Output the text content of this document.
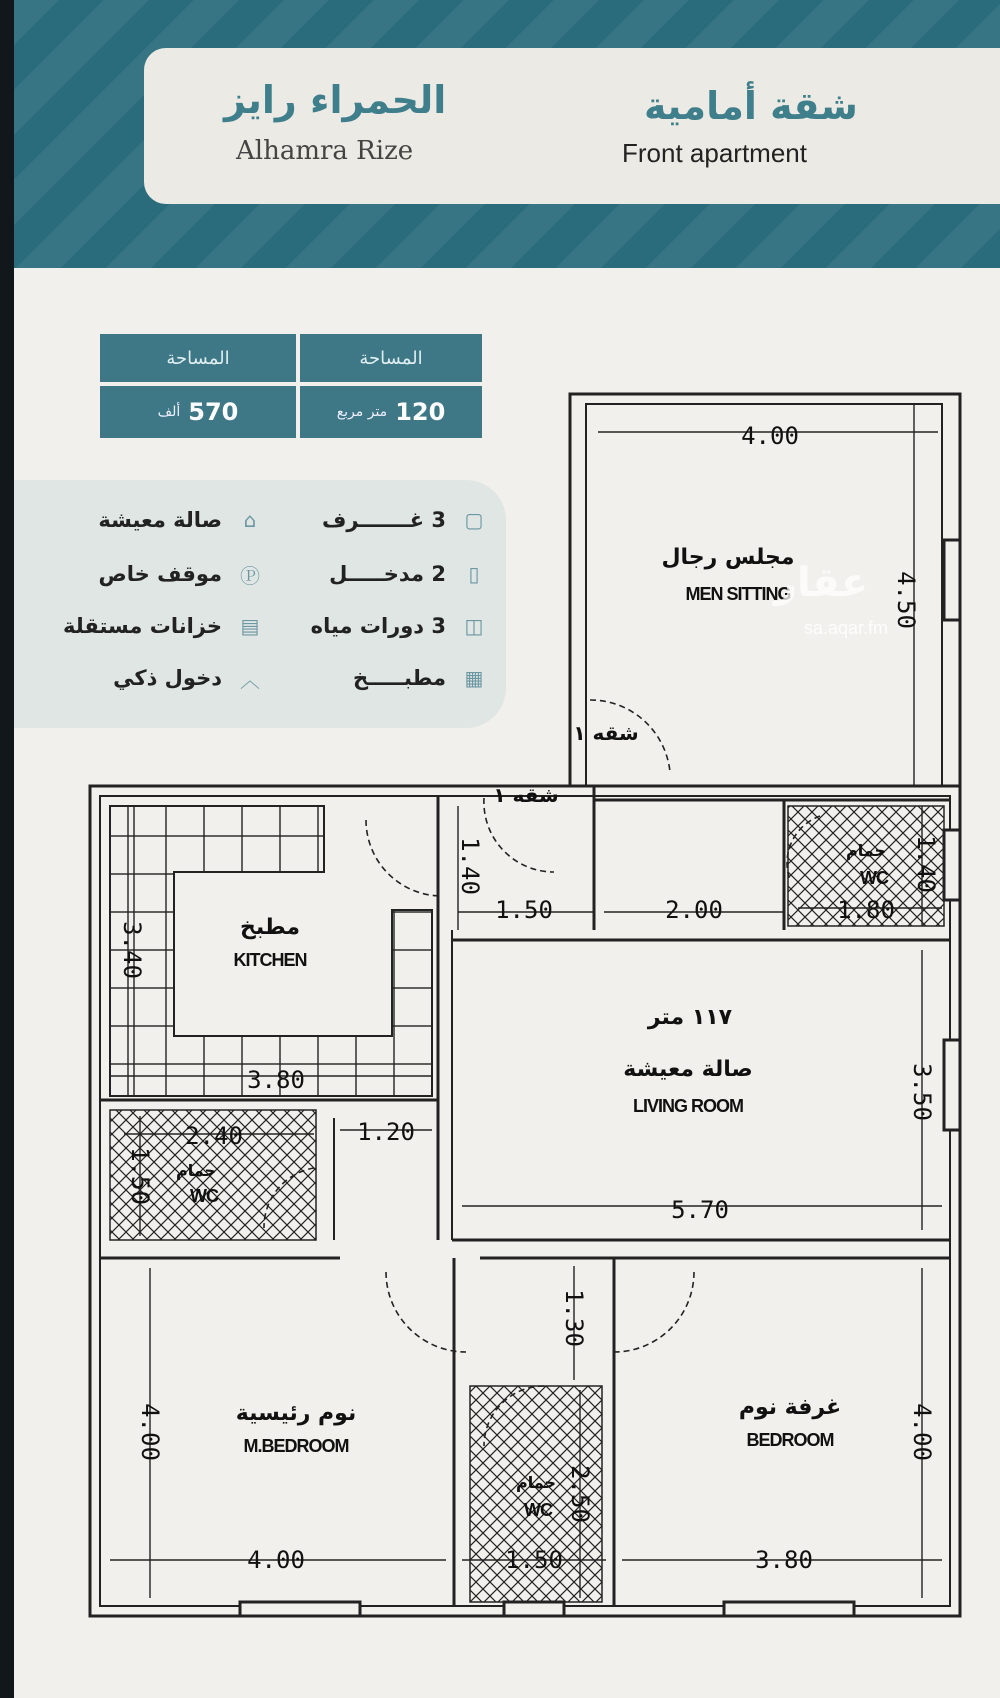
الحمراء رايز
Alhamra Rize
شقة أمامية
Front apartment
المساحة
120
متر مربع
المساحة
570
ألف
▢
3 غـــــــرف
⌂
صالة معيشة
▯
2 مدخـــــل
Ⓟ
موقف خاص
◫
3 دورات مياه
▤
خزانات مستقلة
▦
مطبـــــخ
︿
دخول ذكي
مجلس رجال
MEN SITTING
مطبخ
KITCHEN
١١٧ متر
صالة معيشة
LIVING ROOM
نوم رئيسية
M.BEDROOM
غرفة نوم
BEDROOM
حمام
WC
حمام
WC
حمام
WC
شقه ١
شقه ١
4.00
4.50
3.40
3.80
1.40
1.50	2.00
1.40
1.80
3.50
5.70
2.40
1.50
1.20
1.30
4.00
4.00
2.50
1.50
4.00
3.80
عقار
sa.aqar.fm
